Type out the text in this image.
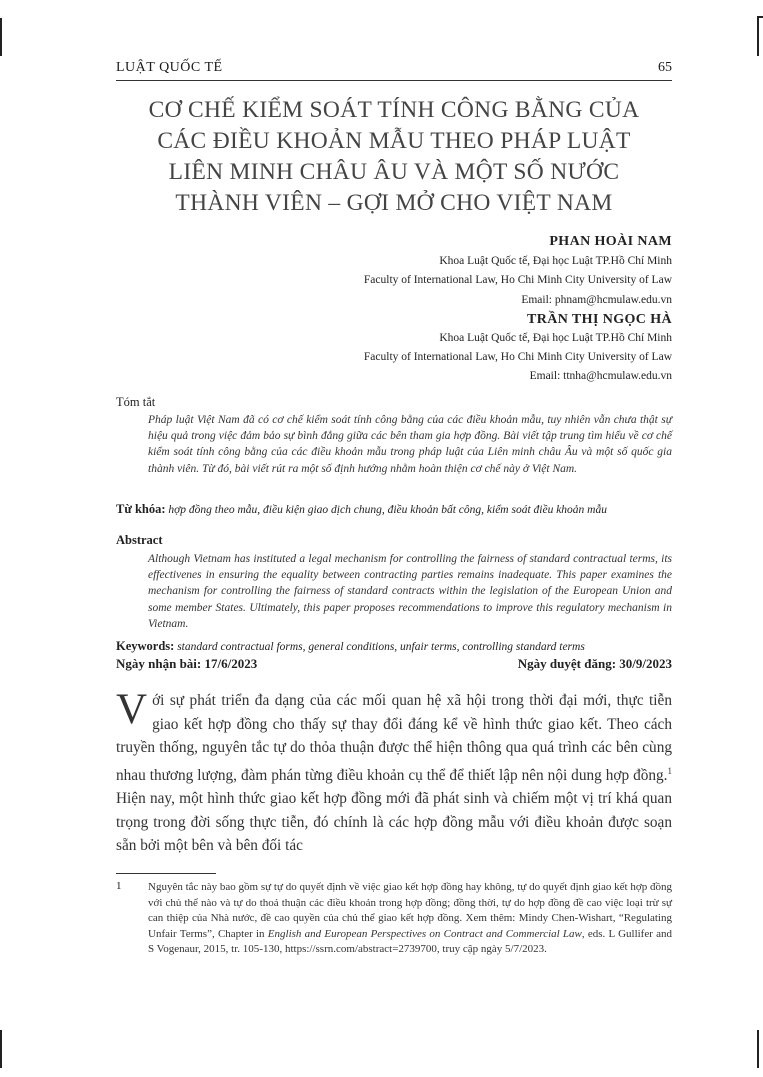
LUẬT QUỐC TẾ	65
CƠ CHẾ KIỂM SOÁT TÍNH CÔNG BẰNG CỦA
CÁC ĐIỀU KHOẢN MẪU THEO PHÁP LUẬT
LIÊN MINH CHÂU ÂU VÀ MỘT SỐ NƯỚC
THÀNH VIÊN – GỢI MỞ CHO VIỆT NAM
PHAN HOÀI NAM
Khoa Luật Quốc tế, Đại học Luật TP.Hồ Chí Minh
Faculty of International Law, Ho Chi Minh City University of Law
Email: phnam@hcmulaw.edu.vn
TRẦN THỊ NGỌC HÀ
Khoa Luật Quốc tế, Đại học Luật TP.Hồ Chí Minh
Faculty of International Law, Ho Chi Minh City University of Law
Email: ttnha@hcmulaw.edu.vn
Tóm tắt
Pháp luật Việt Nam đã có cơ chế kiểm soát tính công bằng của các điều khoản mẫu, tuy nhiên vẫn chưa thật sự hiệu quả trong việc đảm bảo sự bình đẳng giữa các bên tham gia hợp đồng. Bài viết tập trung tìm hiểu về cơ chế kiểm soát tính công bằng của các điều khoản mẫu trong pháp luật của Liên minh châu Âu và một số quốc gia thành viên. Từ đó, bài viết rút ra một số định hướng nhằm hoàn thiện cơ chế này ở Việt Nam.
Từ khóa: hợp đồng theo mẫu, điều kiện giao dịch chung, điều khoản bất công, kiểm soát điều khoản mẫu
Abstract
Although Vietnam has instituted a legal mechanism for controlling the fairness of standard contractual terms, its effectivenes in ensuring the equality between contracting parties remains inadequate. This paper examines the mechanism for controlling the fairness of standard contracts within the legislation of the European Union and some member States. Ultimately, this paper proposes recommendations to improve this regulatory mechanism in Vietnam.
Keywords: standard contractual forms, general conditions, unfair terms, controlling standard terms
Ngày nhận bài: 17/6/2023	Ngày duyệt đăng: 30/9/2023
Với sự phát triển đa dạng của các mối quan hệ xã hội trong thời đại mới, thực tiễn giao kết hợp đồng cho thấy sự thay đổi đáng kể về hình thức giao kết. Theo cách truyền thống, nguyên tắc tự do thỏa thuận được thể hiện thông qua quá trình các bên cùng nhau thương lượng, đàm phán từng điều khoản cụ thể để thiết lập nên nội dung hợp đồng.$^1$ Hiện nay, một hình thức giao kết hợp đồng mới đã phát sinh và chiếm một vị trí khá quan trọng trong đời sống thực tiễn, đó chính là các hợp đồng mẫu với điều khoản được soạn sẵn bởi một bên và bên đối tác
1 Nguyên tắc này bao gồm sự tự do quyết định về việc giao kết hợp đồng hay không, tự do quyết định giao kết hợp đồng với chủ thể nào và tự do thoả thuận các điều khoản trong hợp đồng; đồng thời, tự do hợp đồng đề cao việc loại trừ sự can thiệp của Nhà nước, đề cao quyền của chủ thể giao kết hợp đồng. Xem thêm: Mindy Chen-Wishart, “Regulating Unfair Terms”, Chapter in English and European Perspectives on Contract and Commercial Law, eds. L Gullifer and S Vogenaur, 2015, tr. 105-130, https://ssrn.com/abstract=2739700, truy cập ngày 5/7/2023.
